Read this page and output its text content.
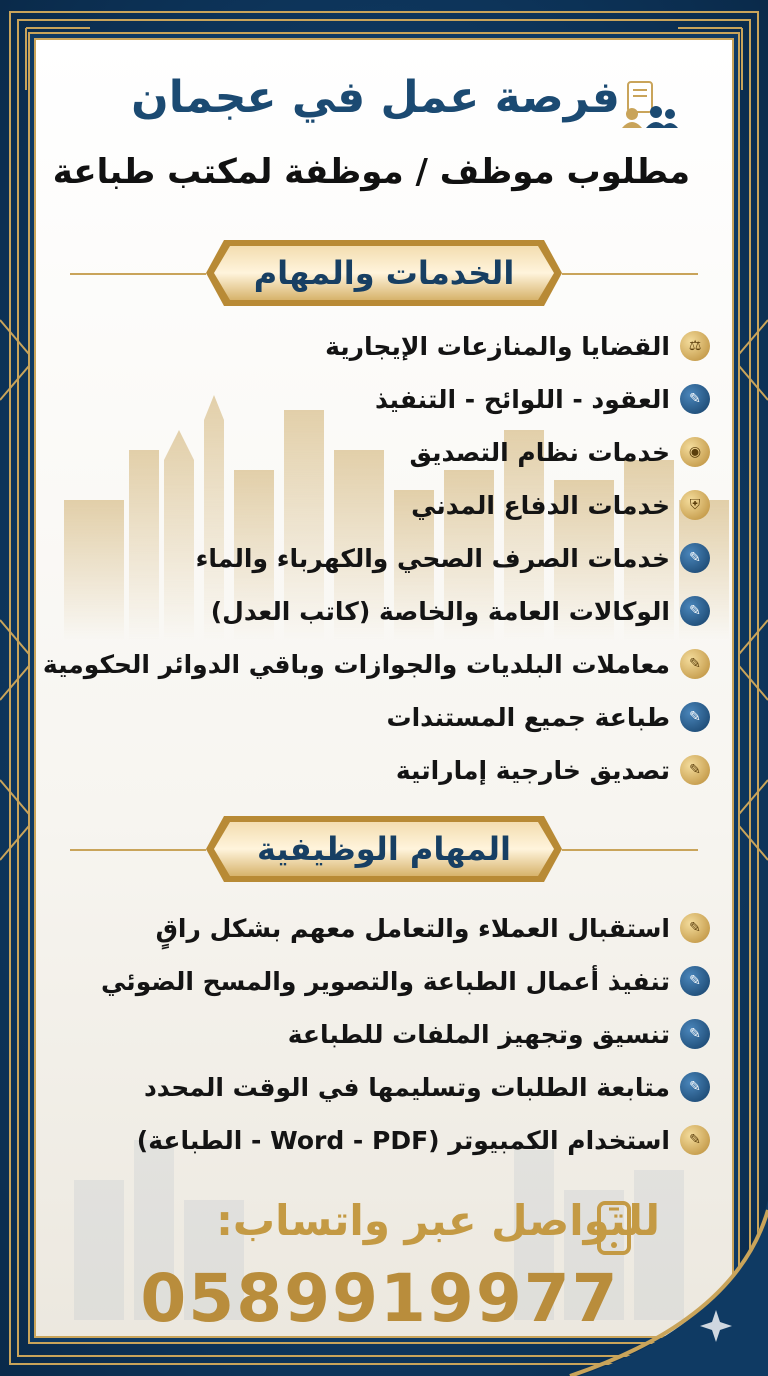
فرصة عمل في عجمان
مطلوب موظف / موظفة لمكتب طباعة
الخدمات والمهام
⚖
القضايا والمنازعات الإيجارية
✎
العقود - اللوائح - التنفيذ
◉
خدمات نظام التصديق
⛨
خدمات الدفاع المدني
✎
خدمات الصرف الصحي والكهرباء والماء
✎
الوكالات العامة والخاصة (كاتب العدل)
✎
معاملات البلديات والجوازات وباقي الدوائر الحكومية
✎
طباعة جميع المستندات
✎
تصديق خارجية إماراتية
المهام الوظيفية
✎
استقبال العملاء والتعامل معهم بشكل راقٍ
✎
تنفيذ أعمال الطباعة والتصوير والمسح الضوئي
✎
تنسيق وتجهيز الملفات للطباعة
✎
متابعة الطلبات وتسليمها في الوقت المحدد
✎
استخدام الكمبيوتر (Word - PDF - الطباعة)
للتواصل عبر واتساب:
0589919977
